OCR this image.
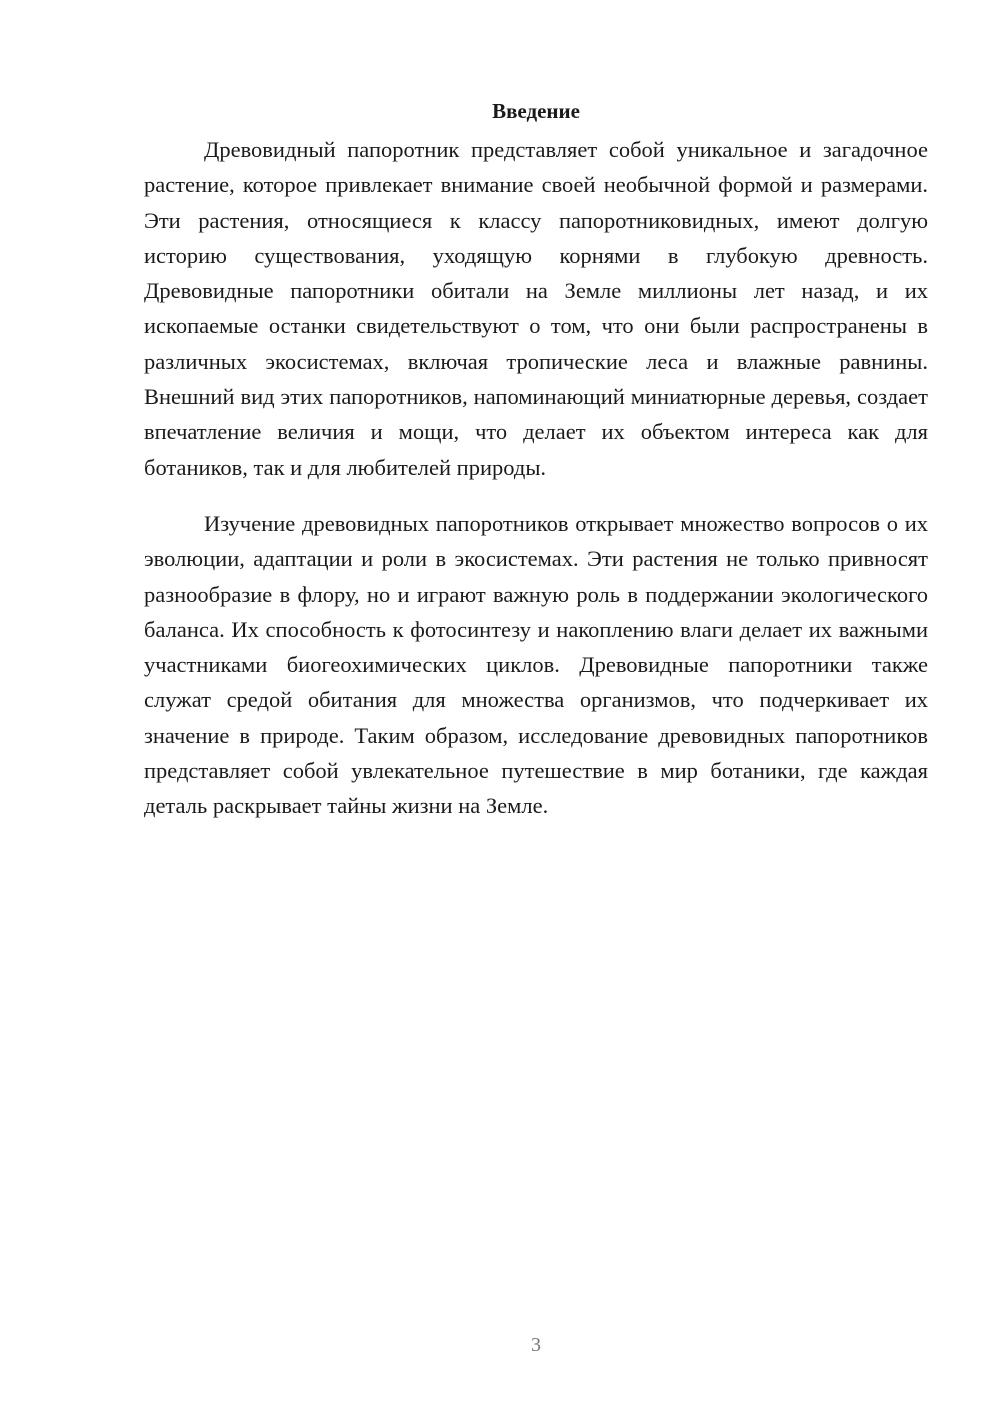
Введение

Древовидный папоротник представляет собой уникальное и загадочное растение, которое привлекает внимание своей необычной формой и размерами. Эти растения, относящиеся к классу папоротниковидных, имеют долгую историю существования, уходящую корнями в глубокую древность. Древовидные папоротники обитали на Земле миллионы лет назад, и их ископаемые останки свидетельствуют о том, что они были распространены в различных экосистемах, включая тропические леса и влажные равнины. Внешний вид этих папоротников, напоминающий миниатюрные деревья, создает впечатление величия и мощи, что делает их объектом интереса как для ботаников, так и для любителей природы.

Изучение древовидных папоротников открывает множество вопросов о их эволюции, адаптации и роли в экосистемах. Эти растения не только привносят разнообразие в флору, но и играют важную роль в поддержании экологического баланса. Их способность к фотосинтезу и накоплению влаги делает их важными участниками биогеохимических циклов. Древовидные папоротники также служат средой обитания для множества организмов, что подчеркивает их значение в природе. Таким образом, исследование древовидных папоротников представляет собой увлекательное путешествие в мир ботаники, где каждая деталь раскрывает тайны жизни на Земле.

3
